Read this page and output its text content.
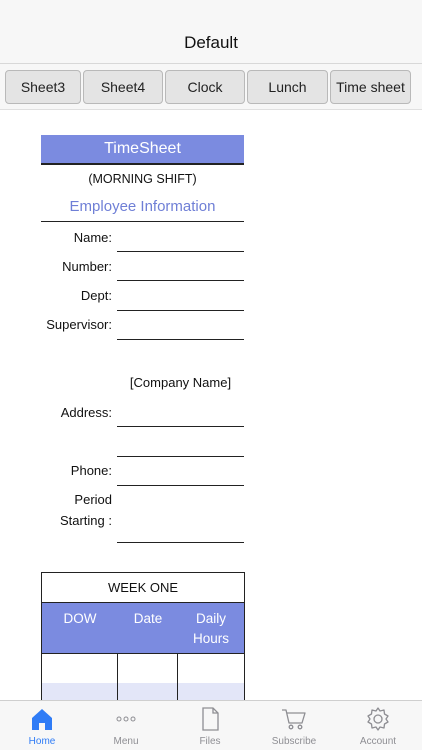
Default
Sheet3	Sheet4	Clock	Lunch	Time sheet
TimeSheet
(MORNING SHIFT)
Employee Information
Name:
Number:
Dept:
Supervisor:
[Company Name]
Address:
Phone:
Period
Starting :
WEEK ONE
DOW	Date	Daily
Hours
Home	Menu	Files	Subscribe	Account
